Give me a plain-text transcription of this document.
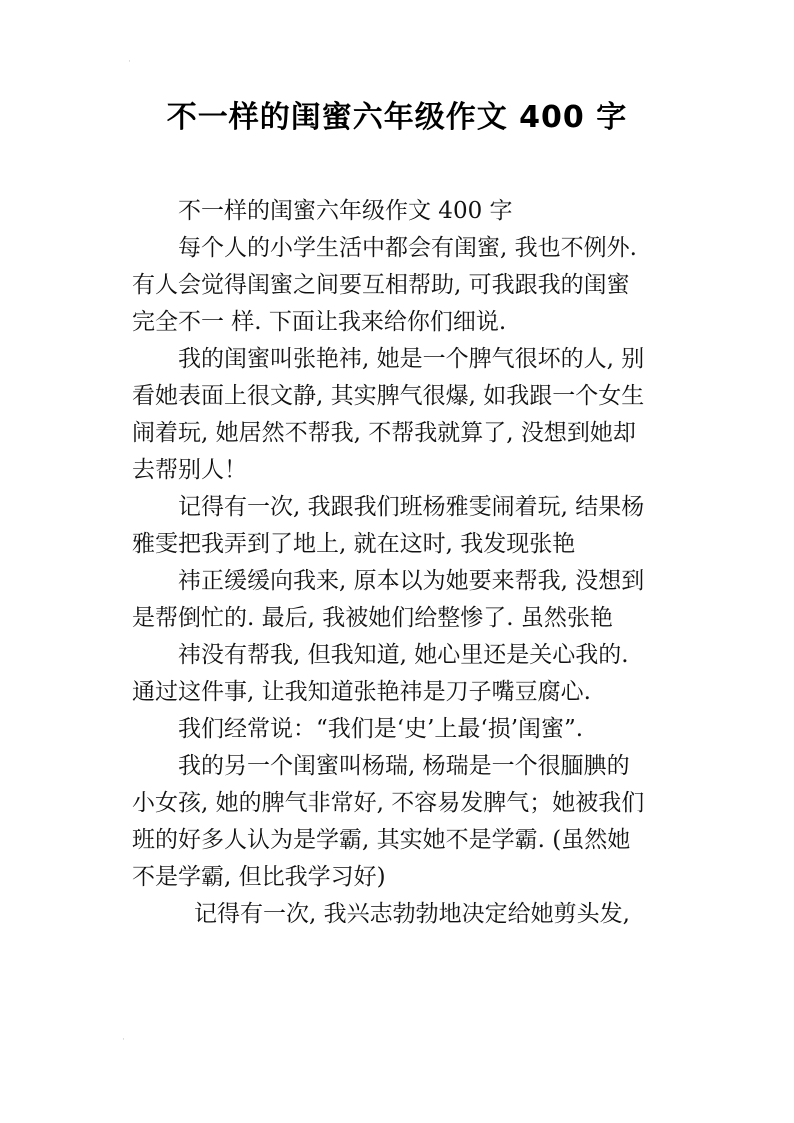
·
·
不一样的闺蜜六年级作文 400 字
不一样的闺蜜六年级作文 400 字
每个人的小学生活中都会有闺蜜, 我也不例外.
有人会觉得闺蜜之间要互相帮助, 可我跟我的闺蜜
完全不一 样. 下面让我来给你们细说.
我的闺蜜叫张艳祎, 她是一个脾气很坏的人, 别
看她表面上很文静, 其实脾气很爆, 如我跟一个女生
闹着玩, 她居然不帮我, 不帮我就算了, 没想到她却
去帮别人！
记得有一次, 我跟我们班杨雅雯闹着玩, 结果杨
雅雯把我弄到了地上, 就在这时, 我发现张艳
祎正缓缓向我来, 原本以为她要来帮我, 没想到
是帮倒忙的. 最后, 我被她们给整惨了. 虽然张艳
祎没有帮我, 但我知道, 她心里还是关心我的.
通过这件事, 让我知道张艳祎是刀子嘴豆腐心.
我们经常说：“我们是‘史’上最‘损’闺蜜”.
我的另一个闺蜜叫杨瑞, 杨瑞是一个很腼腆的
小女孩, 她的脾气非常好, 不容易发脾气；她被我们
班的好多人认为是学霸, 其实她不是学霸. (虽然她
不是学霸, 但比我学习好)
记得有一次, 我兴志勃勃地决定给她剪头发,
